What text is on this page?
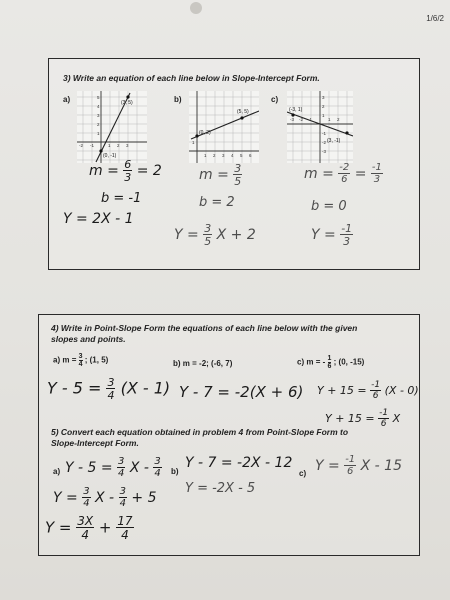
1/6/2
3) Write an equation of each line below in Slope-Intercept Form.
a)	5
4
3
2
1
-2 -1	1 2 3
(3, 5)
(0, -1)
b)
1 2 3 4 5 6
1
(5, 5)
(0, 2)
c)	3
2
1
-1
-2
-3
-3 -2 -1	1 2
(-3, 1)
(3, -1)
$m = \frac{6}{3} = 2$
b = -1
Y = 2X - 1
$m = \frac{3}{5}$
b = 2
$Y = \frac{3}{5}$ X + 2
$m = \frac{-2}{6} = \frac{-1}{3}$
b = 0
$Y = \frac{-1}{3}$
4) Write in Point-Slope Form the equations of each line below with the given
slopes and points.
a) $m = \frac{3}{4}$ ; (1, 5)	b) m = -2; (-6, 7)	c) m = - $\frac{1}{6}$ ; (0, -15)
$Y - 5 = \frac{3}{4} (X - 1)$ Y - 7 = -2(X + 6) $Y + 15 = \frac{-1}{6} (X - 0)$
$Y + 15 = \frac{-1}{6}$ X
5) Convert each equation obtained in problem 4 from Point-Slope Form to
Slope-Intercept Form.
a) $Y - 5 = \frac{3}{4}$ X - $\frac{3}{4}$
$Y = \frac{3}{4}$ $X - \frac{3}{4} + 5$
$Y = \frac{3X}{4} + \frac{17}{4}$
b)
Y - 7 = -2X - 12
Y = -2X - 5
c) $Y = \frac{-1}{6}$ X - 15
